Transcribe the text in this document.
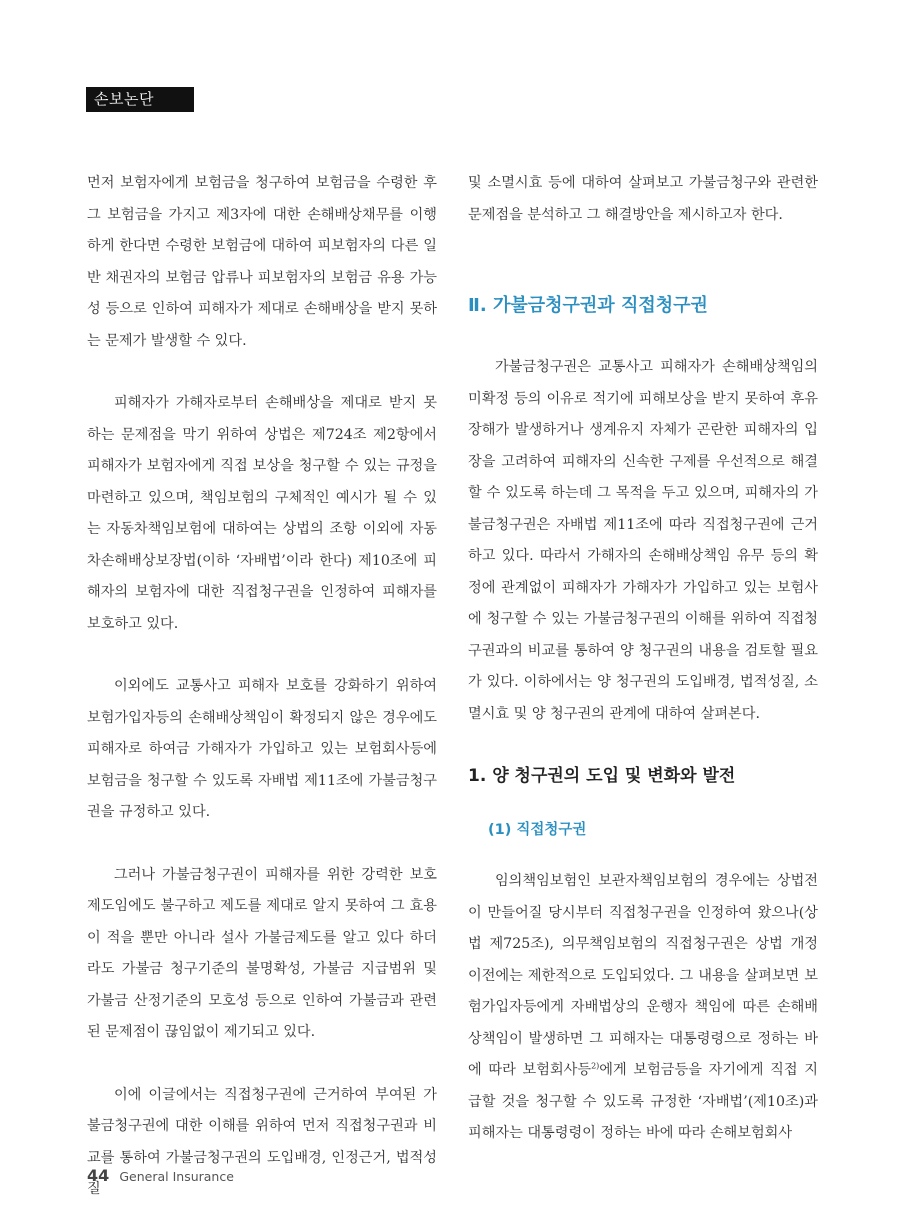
손보논단

먼저 보험자에게 보험금을 청구하여 보험금을 수령한 후 그 보험금을 가지고 제3자에 대한 손해배상채무를 이행하게 한다면 수령한 보험금에 대하여 피보험자의 다른 일반 채권자의 보험금 압류나 피보험자의 보험금 유용 가능성 등으로 인하여 피해자가 제대로 손해배상을 받지 못하는 문제가 발생할 수 있다.

피해자가 가해자로부터 손해배상을 제대로 받지 못하는 문제점을 막기 위하여 상법은 제724조 제2항에서 피해자가 보험자에게 직접 보상을 청구할 수 있는 규정을 마련하고 있으며, 책임보험의 구체적인 예시가 될 수 있는 자동차책임보험에 대하여는 상법의 조항 이외에 자동차손해배상보장법(이하 ‘자배법’이라 한다) 제10조에 피해자의 보험자에 대한 직접청구권을 인정하여 피해자를 보호하고 있다.

이외에도 교통사고 피해자 보호를 강화하기 위하여 보험가입자등의 손해배상책임이 확정되지 않은 경우에도 피해자로 하여금 가해자가 가입하고 있는 보험회사등에 보험금을 청구할 수 있도록 자배법 제11조에 가불금청구권을 규정하고 있다.

그러나 가불금청구권이 피해자를 위한 강력한 보호제도임에도 불구하고 제도를 제대로 알지 못하여 그 효용이 적을 뿐만 아니라 설사 가불금제도를 알고 있다 하더라도 가불금 청구기준의 불명확성, 가불금 지급범위 및 가불금 산정기준의 모호성 등으로 인하여 가불금과 관련된 문제점이 끊임없이 제기되고 있다.

이에 이글에서는 직접청구권에 근거하여 부여된 가불금청구권에 대한 이해를 위하여 먼저 직접청구권과 비교를 통하여 가불금청구권의 도입배경, 인정근거, 법적성질

및 소멸시효 등에 대하여 살펴보고 가불금청구와 관련한 문제점을 분석하고 그 해결방안을 제시하고자 한다.

Ⅱ. 가불금청구권과 직접청구권

가불금청구권은 교통사고 피해자가 손해배상책임의 미확정 등의 이유로 적기에 피해보상을 받지 못하여 후유장해가 발생하거나 생계유지 자체가 곤란한 피해자의 입장을 고려하여 피해자의 신속한 구제를 우선적으로 해결할 수 있도록 하는데 그 목적을 두고 있으며, 피해자의 가불금청구권은 자배법 제11조에 따라 직접청구권에 근거하고 있다. 따라서 가해자의 손해배상책임 유무 등의 확정에 관계없이 피해자가 가해자가 가입하고 있는 보험사에 청구할 수 있는 가불금청구권의 이해를 위하여 직접청구권과의 비교를 통하여 양 청구권의 내용을 검토할 필요가 있다. 이하에서는 양 청구권의 도입배경, 법적성질, 소멸시효 및 양 청구권의 관계에 대하여 살펴본다.

1. 양 청구권의 도입 및 변화와 발전
(1) 직접청구권

임의책임보험인 보관자책임보험의 경우에는 상법전이 만들어질 당시부터 직접청구권을 인정하여 왔으나(상법 제725조), 의무책임보험의 직접청구권은 상법 개정 이전에는 제한적으로 도입되었다. 그 내용을 살펴보면 보험가입자등에게 자배법상의 운행자 책임에 따른 손해배상책임이 발생하면 그 피해자는 대통령령으로 정하는 바에 따라 보험회사등$^{2)}$에게 보험금등을 자기에게 직접 지급할 것을 청구할 수 있도록 규정한 ‘자배법’(제10조)과 피해자는 대통령령이 정하는 바에 따라 손해보험회사

44 General Insurance
